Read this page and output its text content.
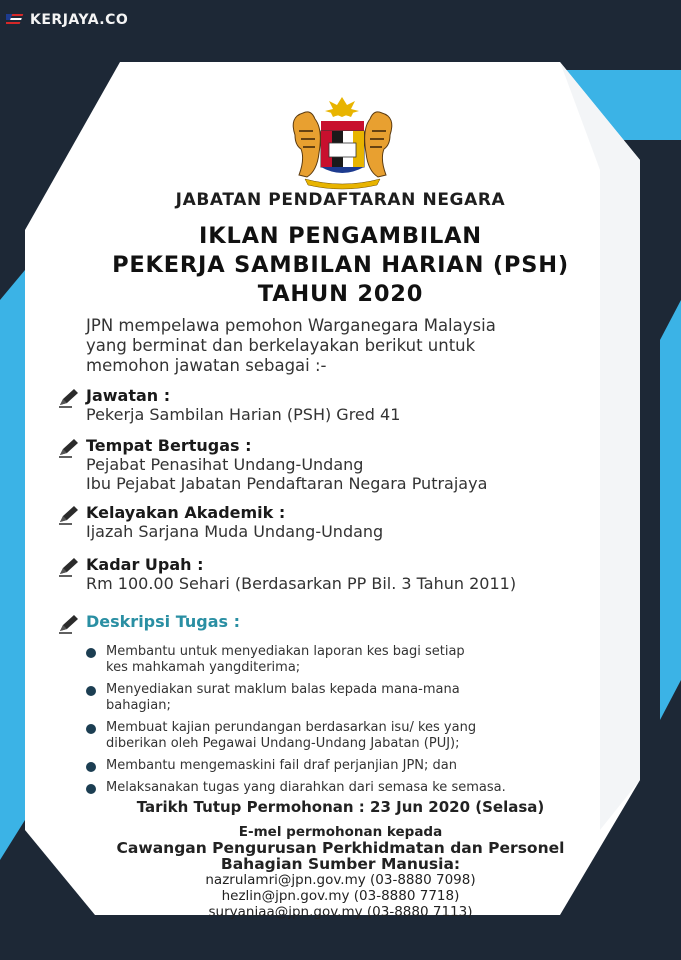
KERJAYA.CO
JABATAN PENDAFTARAN NEGARA
IKLAN PENGAMBILAN
PEKERJA SAMBILAN HARIAN (PSH)
TAHUN 2020
JPN mempelawa pemohon Warganegara Malaysia
yang berminat dan berkelayakan berikut untuk
memohon jawatan sebagai :-
Jawatan :
Pekerja Sambilan Harian (PSH) Gred 41
Tempat Bertugas :
Pejabat Penasihat Undang-Undang
Ibu Pejabat Jabatan Pendaftaran Negara Putrajaya
Kelayakan Akademik :
Ijazah Sarjana Muda Undang-Undang
Kadar Upah :
Rm 100.00 Sehari (Berdasarkan PP Bil. 3 Tahun 2011)
Deskripsi Tugas :
Membantu untuk menyediakan laporan kes bagi setiap
kes mahkamah yangditerima;
Menyediakan surat maklum balas kepada mana-mana
bahagian;
Membuat kajian perundangan berdasarkan isu/ kes yang
diberikan oleh Pegawai Undang-Undang Jabatan (PUJ);
Membantu mengemaskini fail draf perjanjian JPN; dan
Melaksanakan tugas yang diarahkan dari semasa ke semasa.
Tarikh Tutup Permohonan : 23 Jun 2020 (Selasa)
E-mel permohonan kepada
Cawangan Pengurusan Perkhidmatan dan Personel
Bahagian Sumber Manusia:
nazrulamri@jpn.gov.my (03-8880 7098)
hezlin@jpn.gov.my (03-8880 7718)
suryaniaa@jpn.gov.my (03-8880 7113)
